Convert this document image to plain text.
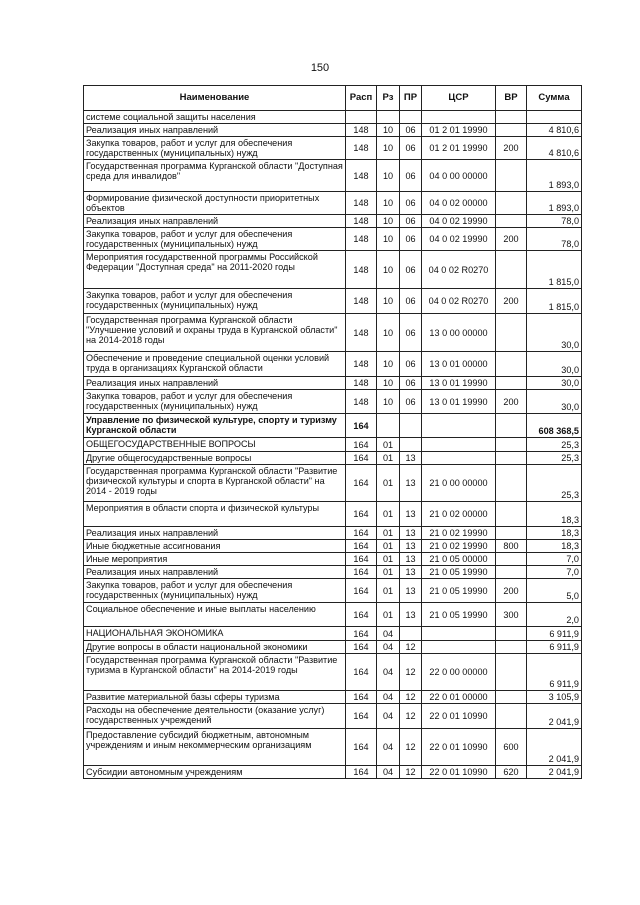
150
Наименование	Расп	Рз	ПР	ЦСР	ВР	Сумма
системе социальной защиты населения						
Реализация иных направлений	148	10	06	01 2 01 19990		4 810,6
Закупка товаров, работ и услуг для обеспечения государственных (муниципальных) нужд	148	10	06	01 2 01 19990	200	4 810,6
Государственная программа Курганской области "Доступная среда для инвалидов"	148	10	06	04 0 00 00000		1 893,0
Формирование физической доступности приоритетных объектов	148	10	06	04 0 02 00000		1 893,0
Реализация иных направлений	148	10	06	04 0 02 19990		78,0
Закупка товаров, работ и услуг для обеспечения государственных (муниципальных) нужд	148	10	06	04 0 02 19990	200	78,0
Мероприятия государственной программы Российской Федерации "Доступная среда" на 2011-2020 годы	148	10	06	04 0 02 R0270		1 815,0
Закупка товаров, работ и услуг для обеспечения государственных (муниципальных) нужд	148	10	06	04 0 02 R0270	200	1 815,0
Государственная программа Курганской области "Улучшение условий и охраны труда в Курганской области" на 2014-2018 годы	148	10	06	13 0 00 00000		30,0
Обеспечение и проведение специальной оценки условий труда в организациях Курганской области	148	10	06	13 0 01 00000		30,0
Реализация иных направлений	148	10	06	13 0 01 19990		30,0
Закупка товаров, работ и услуг для обеспечения государственных (муниципальных) нужд	148	10	06	13 0 01 19990	200	30,0
Управление по физической культуре, спорту и туризму Курганской области	164					608 368,5
ОБЩЕГОСУДАРСТВЕННЫЕ ВОПРОСЫ	164	01				25,3
Другие общегосударственные вопросы	164	01	13			25,3
Государственная программа Курганской области "Развитие физической культуры и спорта в Курганской области" на 2014 - 2019 годы	164	01	13	21 0 00 00000		25,3
Мероприятия в области спорта и физической культуры	164	01	13	21 0 02 00000		18,3
Реализация иных направлений	164	01	13	21 0 02 19990		18,3
Иные бюджетные ассигнования	164	01	13	21 0 02 19990	800	18,3
Иные мероприятия	164	01	13	21 0 05 00000		7,0
Реализация иных направлений	164	01	13	21 0 05 19990		7,0
Закупка товаров, работ и услуг для обеспечения государственных (муниципальных) нужд	164	01	13	21 0 05 19990	200	5,0
Социальное обеспечение и иные выплаты населению	164	01	13	21 0 05 19990	300	2,0
НАЦИОНАЛЬНАЯ ЭКОНОМИКА	164	04				6 911,9
Другие вопросы в области национальной экономики	164	04	12			6 911,9
Государственная программа Курганской области "Развитие туризма в Курганской области" на 2014-2019 годы	164	04	12	22 0 00 00000		6 911,9
Развитие материальной базы сферы туризма	164	04	12	22 0 01 00000		3 105,9
Расходы на обеспечение деятельности (оказание услуг) государственных учреждений	164	04	12	22 0 01 10990		2 041,9
Предоставление субсидий бюджетным, автономным учреждениям и иным некоммерческим организациям	164	04	12	22 0 01 10990	600	2 041,9
Субсидии автономным учреждениям	164	04	12	22 0 01 10990	620	2 041,9
